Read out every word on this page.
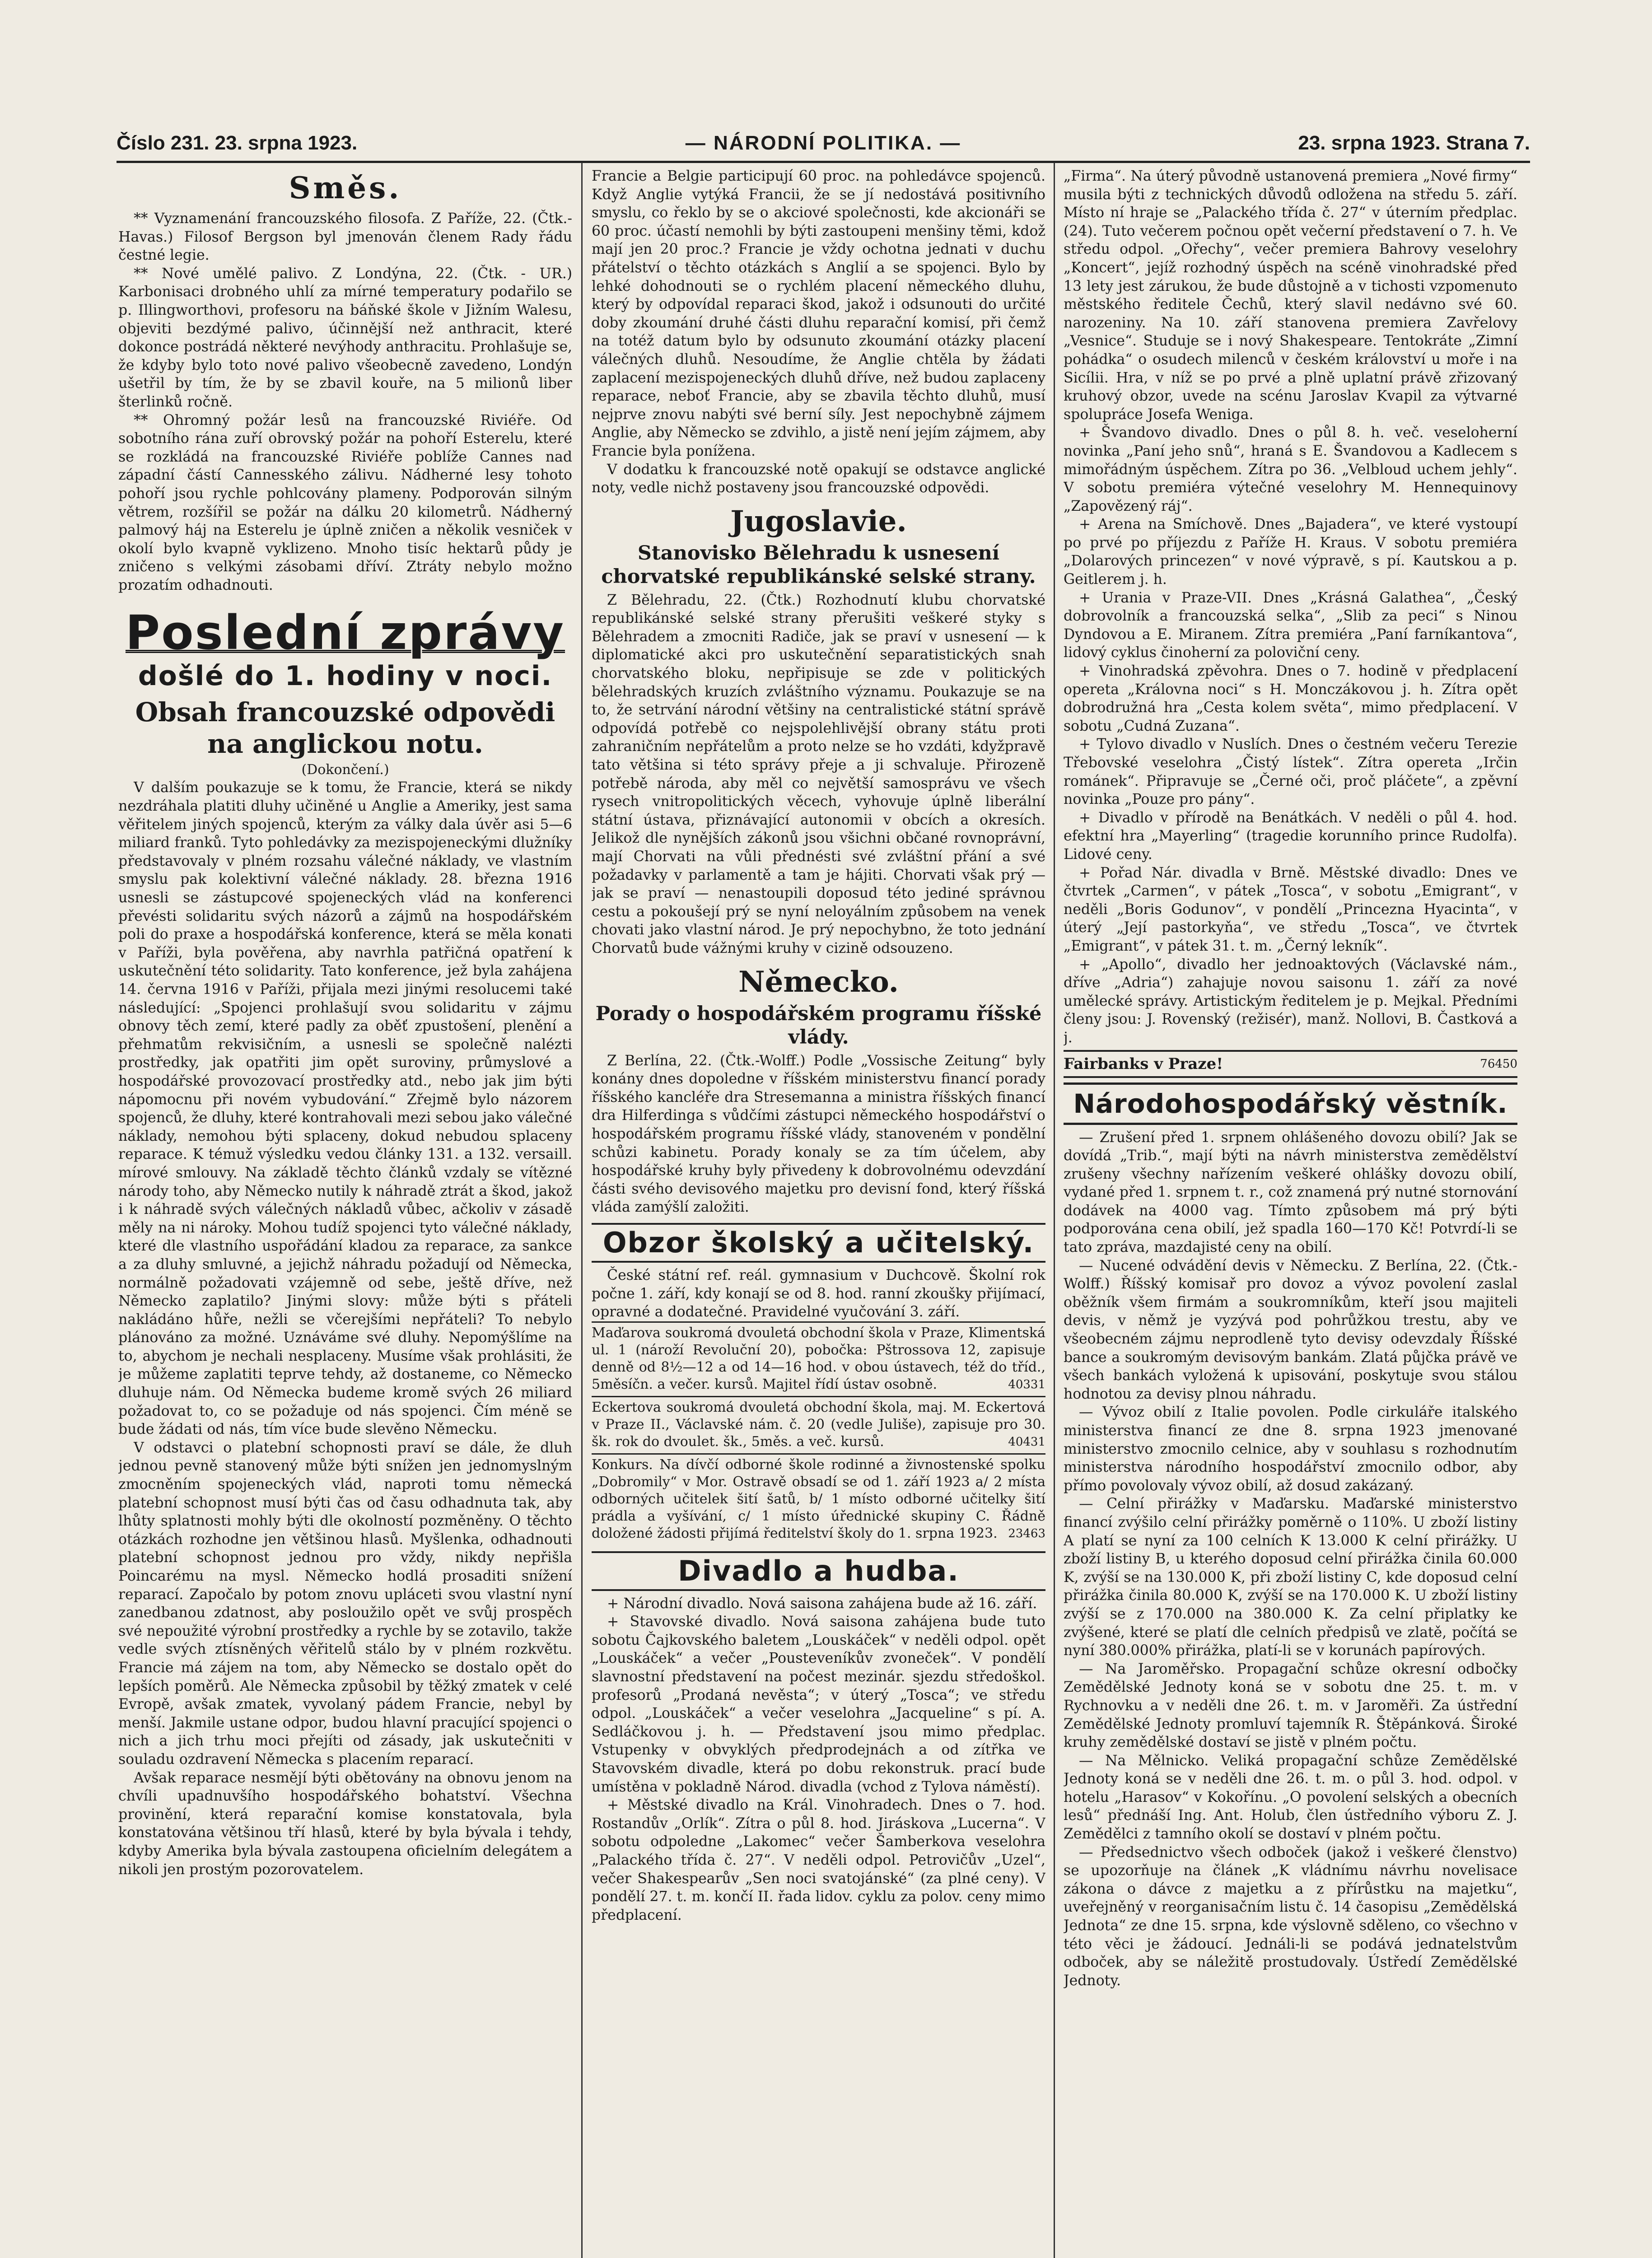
Číslo 231. 23. srpna 1923.	— NÁRODNÍ POLITIKA. —	23. srpna 1923. Strana 7.
Směs.

** Vyznamenání francouzského filosofa. Z Paříže, 22. (Čtk.-Havas.) Filosof Bergson byl jmenován členem Rady řádu čestné legie.

** Nové umělé palivo. Z Londýna, 22. (Čtk. - UR.) Karbonisaci drobného uhlí za mírné temperatury podařilo se p. Illingworthovi, profesoru na báňské škole v Jižním Walesu, objeviti bezdýmé palivo, účinnější než anthracit, které dokonce postrádá některé nevýhody anthracitu. Prohlašuje se, že kdyby bylo toto nové palivo všeobecně zavedeno, Londýn ušetřil by tím, že by se zbavil kouře, na 5 milionů liber šterlinků ročně.

** Ohromný požár lesů na francouzské Riviéře. Od sobotního rána zuří obrovský požár na pohoří Esterelu, které se rozkládá na francouzské Riviéře poblíže Cannes nad západní částí Cannesského zálivu. Nádherné lesy tohoto pohoří jsou rychle pohlcovány plameny. Podporován silným větrem, rozšířil se požár na dálku 20 kilometrů. Nádherný palmový háj na Esterelu je úplně zničen a několik vesniček v okolí bylo kvapně vyklizeno. Mnoho tisíc hektarů půdy je zničeno s velkými zásobami dříví. Ztráty nebylo možno prozatím odhadnouti.

Poslední zprávy
došlé do 1. hodiny v noci.
Obsah francouzské odpovědi na anglickou notu.
(Dokončení.)

V dalším poukazuje se k tomu, že Francie, která se nikdy nezdráhala platiti dluhy učiněné u Anglie a Ameriky, jest sama věřitelem jiných spojenců, kterým za války dala úvěr asi 5—6 miliard franků. Tyto pohledávky za mezispojeneckými dlužníky představovaly v plném rozsahu válečné náklady, ve vlastním smyslu pak kolektivní válečné náklady. 28. března 1916 usnesli se zástupcové spojeneckých vlád na konferenci převésti solidaritu svých názorů a zájmů na hospodářském poli do praxe a hospodářská konference, která se měla konati v Paříži, byla pověřena, aby navrhla patřičná opatření k uskutečnění této solidarity. Tato konference, jež byla zahájena 14. června 1916 v Paříži, přijala mezi jinými resolucemi také následující: „Spojenci prohlašují svou solidaritu v zájmu obnovy těch zemí, které padly za oběť zpustošení, plenění a přehmatům rekvisičním, a usnesli se společně nalézti prostředky, jak opatřiti jim opět suroviny, průmyslové a hospodářské provozovací prostředky atd., nebo jak jim býti nápomocnu při novém vybudování.“ Zřejmě bylo názorem spojenců, že dluhy, které kontrahovali mezi sebou jako válečné náklady, nemohou býti splaceny, dokud nebudou splaceny reparace. K témuž výsledku vedou články 131. a 132. versaill. mírové smlouvy. Na základě těchto článků vzdaly se vítězné národy toho, aby Německo nutily k náhradě ztrát a škod, jakož i k náhradě svých válečných nákladů vůbec, ačkoliv v zásadě měly na ni nároky. Mohou tudíž spojenci tyto válečné náklady, které dle vlastního uspořádání kladou za reparace, za sankce a za dluhy smluvné, a jejichž náhradu požadují od Německa, normálně požadovati vzájemně od sebe, ještě dříve, než Německo zaplatilo? Jinými slovy: může býti s přáteli nakládáno hůře, nežli se včerejšími nepřáteli? To nebylo plánováno za možné. Uznáváme své dluhy. Nepomýšlíme na to, abychom je nechali nesplaceny. Musíme však prohlásiti, že je můžeme zaplatiti teprve tehdy, až dostaneme, co Německo dluhuje nám. Od Německa budeme kromě svých 26 miliard požadovat to, co se požaduje od nás spojenci. Čím méně se bude žádati od nás, tím více bude slevěno Německu.

V odstavci o platební schopnosti praví se dále, že dluh jednou pevně stanovený může býti snížen jen jednomyslným zmocněním spojeneckých vlád, naproti tomu německá platební schopnost musí býti čas od času odhadnuta tak, aby lhůty splatnosti mohly býti dle okolností pozměněny. O těchto otázkách rozhodne jen většinou hlasů. Myšlenka, odhadnouti platební schopnost jednou pro vždy, nikdy nepřišla Poincarému na mysl. Německo hodlá prosaditi snížení reparací. Započalo by potom znovu upláceti svou vlastní nyní zanedbanou zdatnost, aby posloužilo opět ve svůj prospěch své nepoužité výrobní prostředky a rychle by se zotavilo, takže vedle svých ztísněných věřitelů stálo by v plném rozkvětu. Francie má zájem na tom, aby Německo se dostalo opět do lepších poměrů. Ale Německa způsobil by těžký zmatek v celé Evropě, avšak zmatek, vyvolaný pádem Francie, nebyl by menší. Jakmile ustane odpor, budou hlavní pracující spojenci o nich a jich trhu moci přejíti od zásady, jak uskutečniti v souladu ozdravení Německa s placením reparací.

Avšak reparace nesmějí býti obětovány na obnovu jenom na chvíli upadnuvšího hospodářského bohatství. Všechna provinění, která reparační komise konstatovala, byla konstatována většinou tří hlasů, které by byla bývala i tehdy, kdyby Amerika byla bývala zastoupena oficielním delegátem a nikoli jen prostým pozorovatelem.

Francie a Belgie participují 60 proc. na pohledávce spojenců. Když Anglie vytýká Francii, že se jí nedostává positivního smyslu, co řeklo by se o akciové společnosti, kde akcionáři se 60 proc. účastí nemohli by býti zastoupeni menšiny těmi, kdož mají jen 20 proc.? Francie je vždy ochotna jednati v duchu přátelství o těchto otázkách s Anglií a se spojenci. Bylo by lehké dohodnouti se o rychlém placení německého dluhu, který by odpovídal reparaci škod, jakož i odsunouti do určité doby zkoumání druhé části dluhu reparační komisí, při čemž na totéž datum bylo by odsunuto zkoumání otázky placení válečných dluhů. Nesoudíme, že Anglie chtěla by žádati zaplacení mezispojeneckých dluhů dříve, než budou zaplaceny reparace, neboť Francie, aby se zbavila těchto dluhů, musí nejprve znovu nabýti své berní síly. Jest nepochybně zájmem Anglie, aby Německo se zdvihlo, a jistě není jejím zájmem, aby Francie byla ponížena.

V dodatku k francouzské notě opakují se odstavce anglické noty, vedle nichž postaveny jsou francouzské odpovědi.

Jugoslavie.
Stanovisko Bělehradu k usnesení chorvatské republikánské selské strany.

Z Bělehradu, 22. (Čtk.) Rozhodnutí klubu chorvatské republikánské selské strany přerušiti veškeré styky s Bělehradem a zmocniti Radiče, jak se praví v usnesení — k diplomatické akci pro uskutečnění separatistických snah chorvatského bloku, nepřipisuje se zde v politických bělehradských kruzích zvláštního významu. Poukazuje se na to, že setrvání národní většiny na centralistické státní správě odpovídá potřebě co nejspolehlivější obrany státu proti zahraničním nepřátelům a proto nelze se ho vzdáti, kdyžpravě tato většina si této správy přeje a ji schvaluje. Přirozeně potřebě národa, aby měl co největší samosprávu ve všech rysech vnitropolitických věcech, vyhovuje úplně liberální státní ústava, přiznávající autonomii v obcích a okresích. Jelikož dle nynějších zákonů jsou všichni občané rovnoprávní, mají Chorvati na vůli přednésti své zvláštní přání a své požadavky v parlamentě a tam je hájiti. Chorvati však prý — jak se praví — nenastoupili doposud této jediné správnou cestu a pokoušejí prý se nyní neloyálním způsobem na venek chovati jako vlastní národ. Je prý nepochybno, že toto jednání Chorvatů bude vážnými kruhy v cizině odsouzeno.

Německo.
Porady o hospodářském programu říšské vlády.

Z Berlína, 22. (Čtk.-Wolff.) Podle „Vossische Zeitung“ byly konány dnes dopoledne v říšském ministerstvu financí porady říšského kancléře dra Stresemanna a ministra říšských financí dra Hilferdinga s vůdčími zástupci německého hospodářství o hospodářském programu říšské vlády, stanoveném v pondělní schůzi kabinetu. Porady konaly se za tím účelem, aby hospodářské kruhy byly přivedeny k dobrovolnému odevzdání části svého devisového majetku pro devisní fond, který říšská vláda zamýšlí založiti.

Obzor školský a učitelský.

České státní ref. reál. gymnasium v Duchcově. Školní rok počne 1. září, kdy konají se od 8. hod. ranní zkoušky přijímací, opravné a dodatečné. Pravidelné vyučování 3. září.

Maďarova soukromá dvouletá obchodní škola v Praze, Klimentská ul. 1 (nároží Revoluční 20), pobočka: Pštrossova 12, zapisuje denně od 8½—12 a od 14—16 hod. v obou ústavech, též do tříd., 5měsíčn. a večer. kursů. Majitel řídí ústav osobně.	40331
Eckertova soukromá dvouletá obchodní škola, maj. M. Eckertová v Praze II., Václavské nám. č. 20 (vedle Juliše), zapisuje pro 30. šk. rok do dvoulet. šk., 5měs. a več. kursů.	40431
Konkurs. Na dívčí odborné škole rodinné a živnostenské spolku „Dobromily“ v Mor. Ostravě obsadí se od 1. září 1923 a/ 2 místa odborných učitelek šití šatů, b/ 1 místo odborné učitelky šití prádla a vyšívání, c/ 1 místo úřednické skupiny C. Řádně doložené žádosti přijímá ředitelství školy do 1. srpna 1923. 23463
Divadlo a hudba.

+ Národní divadlo. Nová saisona zahájena bude až 16. září.

+ Stavovské divadlo. Nová saisona zahájena bude tuto sobotu Čajkovského baletem „Louskáček“ v neděli odpol. opět „Louskáček“ a večer „Pousteveníkův zvoneček“. V pondělí slavnostní představení na počest mezinár. sjezdu středoškol. profesorů „Prodaná nevěsta“; v úterý „Tosca“; ve středu odpol. „Louskáček“ a večer veselohra „Jacqueline“ s pí. A. Sedláčkovou j. h. — Představení jsou mimo předplac. Vstupenky v obvyklých předprodejnách a od zítřka ve Stavovském divadle, která po dobu rekonstruk. prací bude umístěna v pokladně Národ. divadla (vchod z Tylova náměstí).

+ Městské divadlo na Král. Vinohradech. Dnes o 7. hod. Rostandův „Orlík“. Zítra o půl 8. hod. Jiráskova „Lucerna“. V sobotu odpoledne „Lakomec“ večer Šamberkova veselohra „Palackého třída č. 27“. V neděli odpol. Petrovičův „Uzel“, večer Shakespearův „Sen noci svatojánské“ (za plné ceny). V pondělí 27. t. m. končí II. řada lidov. cyklu za polov. ceny mimo předplacení.

„Firma“. Na úterý původně ustanovená premiera „Nové firmy“ musila býti z technických důvodů odložena na středu 5. září. Místo ní hraje se „Palackého třída č. 27“ v úterním předplac. (24). Tuto večerem počnou opět večerní představení o 7. h. Ve středu odpol. „Ořechy“, večer premiera Bahrovy veselohry „Koncert“, jejíž rozhodný úspěch na scéně vinohradské před 13 lety jest zárukou, že bude důstojně a v tichosti vzpomenuto městského ředitele Čechů, který slavil nedávno své 60. narozeniny. Na 10. září stanovena premiera Zavřelovy „Vesnice“. Studuje se i nový Shakespeare. Tentokráte „Zimní pohádka“ o osudech milenců v českém království u moře i na Sicílii. Hra, v níž se po prvé a plně uplatní právě zřizovaný kruhový obzor, uvede na scénu Jaroslav Kvapil za výtvarné spolupráce Josefa Wenigа.

+ Švandovo divadlo. Dnes o půl 8. h. več. veseloherní novinka „Paní jeho snů“, hraná s E. Švandovou a Kadlecem s mimořádným úspěchem. Zítra po 36. „Velbloud uchem jehly“. V sobotu premiéra výtečné veselohry M. Hennequinovy „Zapovězený ráj“.

+ Arena na Smíchově. Dnes „Bajadera“, ve které vystoupí po prvé po příjezdu z Paříže H. Kraus. V sobotu premiéra „Dolarových princezen“ v nové výpravě, s pí. Kautskou a p. Geitlerem j. h.

+ Urania v Praze-VII. Dnes „Krásná Galathea“, „Český dobrovolník a francouzská selka“, „Slib za peci“ s Ninou Dyndovou a E. Miranem. Zítra premiéra „Paní farníkantova“, lidový cyklus činoherní za poloviční ceny.

+ Vinohradská zpěvohra. Dnes o 7. hodině v předplacení opereta „Královna noci“ s H. Monczákovou j. h. Zítra opět dobrodružná hra „Cesta kolem světa“, mimo předplacení. V sobotu „Cudná Zuzana“.

+ Tylovo divadlo v Nuslích. Dnes o čestném večeru Terezie Třebovské veselohra „Čistý lístek“. Zítra opereta „Irčin románek“. Připravuje se „Černé oči, proč pláčete“, a zpěvní novinka „Pouze pro pány“.

+ Divadlo v přírodě na Benátkách. V neděli o půl 4. hod. efektní hra „Mayerling“ (tragedie korunního prince Rudolfa). Lidové ceny.

+ Pořad Nár. divadla v Brně. Městské divadlo: Dnes ve čtvrtek „Carmen“, v pátek „Tosca“, v sobotu „Emigrant“, v neděli „Boris Godunov“, v pondělí „Princezna Hyacinta“, v úterý „Její pastorkyňa“, ve středu „Tosca“, ve čtvrtek „Emigrant“, v pátek 31. t. m. „Černý lekník“.

+ „Apollo“, divadlo her jednoaktových (Václavské nám., dříve „Adria“) zahajuje novou saisonu 1. září za nové umělecké správy. Artistickým ředitelem je p. Mejkal. Předními členy jsou: J. Rovenský (režisér), manž. Nollovi, B. Častková a j.

Fairbanks v Praze!	76450
Národohospodářský věstník.

— Zrušení před 1. srpnem ohlášeného dovozu obilí? Jak se dovídá „Trib.“, mají býti na návrh ministerstva zemědělství zrušeny všechny nařízením veškeré ohlášky dovozu obilí, vydané před 1. srpnem t. r., což znamená prý nutné stornování dodávek na 4000 vag. Tímto způsobem má prý býti podporována cena obilí, jež spadla 160—170 Kč! Potvrdí-li se tato zpráva, mazdajisté ceny na obilí.

— Nucené odvádění devis v Německu. Z Berlína, 22. (Čtk.-Wolff.) Říšský komisař pro dovoz a vývoz povolení zaslal oběžník všem firmám a soukromníkům, kteří jsou majiteli devis, v němž je vyzývá pod pohrůžkou trestu, aby ve všeobecném zájmu neprodleně tyto devisy odevzdaly Říšské bance a soukromým devisovým bankám. Zlatá půjčka právě ve všech bankách vyložená k upisování, poskytuje svou stálou hodnotou za devisy plnou náhradu.

— Vývoz obilí z Italie povolen. Podle cirkuláře italského ministerstva financí ze dne 8. srpna 1923 jmenované ministerstvo zmocnilo celnice, aby v souhlasu s rozhodnutím ministerstva národního hospodářství zmocnilo odbor, aby přímo povolovaly vývoz obilí, až dosud zakázaný.

— Celní přirážky v Maďarsku. Maďarské ministerstvo financí zvýšilo celní přirážky poměrně o 110%. U zboží listiny A platí se nyní za 100 celních K 13.000 K celní přirážky. U zboží listiny B, u kterého doposud celní přirážka činila 60.000 K, zvýší se na 130.000 K, při zboží listiny C, kde doposud celní přirážka činila 80.000 K, zvýší se na 170.000 K. U zboží listiny zvýší se z 170.000 na 380.000 K. Za celní připlatky ke zvýšené, které se platí dle celních předpisů ve zlatě, počítá se nyní 380.000% přirážka, platí-li se v korunách papírových.

— Na Jaroměřsko. Propagační schůze okresní odbočky Zemědělské Jednoty koná se v sobotu dne 25. t. m. v Rychnovku a v neděli dne 26. t. m. v Jaroměři. Za ústřední Zemědělské Jednoty promluví tajemník R. Štěpánková. Široké kruhy zemědělské dostaví se jistě v plném počtu.

— Na Mělnicko. Veliká propagační schůze Zemědělské Jednoty koná se v neděli dne 26. t. m. o půl 3. hod. odpol. v hotelu „Harasov“ v Kokořínu. „O povolení selských a obecních lesů“ přednáší Ing. Ant. Holub, člen ústředního výboru Z. J. Zemědělci z tamního okolí se dostaví v plném počtu.

— Předsednictvo všech odboček (jakož i veškeré členstvo) se upozorňuje na článek „K vládnímu návrhu novelisace zákona o dávce z majetku a z přírůstku na majetku“, uveřejněný v reorganisačním listu č. 14 časopisu „Zemědělská Jednota“ ze dne 15. srpna, kde výslovně sděleno, co všechno v této věci je žádoucí. Jednáli-li se podává jednatelstvům odboček, aby se náležitě prostudovaly. Ústředí Zemědělské Jednoty.
